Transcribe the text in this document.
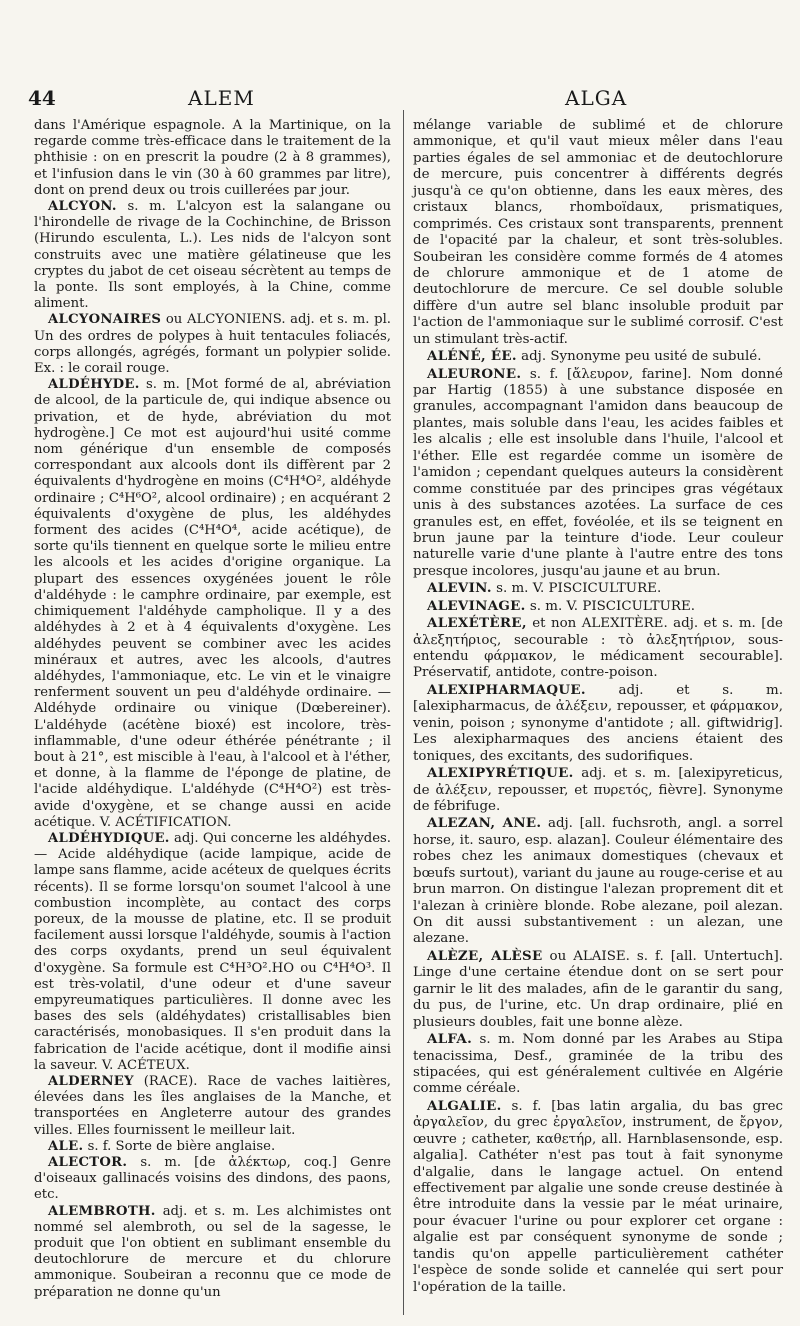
44	ALEM	ALGA

dans l'Amérique espagnole. A la Martinique, on la regarde comme très-efficace dans le traitement de la phthisie : on en prescrit la poudre (2 à 8 grammes), et l'infusion dans le vin (30 à 60 grammes par litre), dont on prend deux ou trois cuillerées par jour.

ALCYON. s. m. L'alcyon est la salangane ou l'hirondelle de rivage de la Cochinchine, de Brisson (Hirundo esculenta, L.). Les nids de l'alcyon sont construits avec une matière gélatineuse que les cryptes du jabot de cet oiseau sécrètent au temps de la ponte. Ils sont employés, à la Chine, comme aliment.

ALCYONAIRES ou ALCYONIENS. adj. et s. m. pl. Un des ordres de polypes à huit tentacules foliacés, corps allongés, agrégés, formant un polypier solide. Ex. : le corail rouge.

ALDÉHYDE. s. m. [Mot formé de al, abréviation de alcool, de la particule de, qui indique absence ou privation, et de hyde, abréviation du mot hydrogène.] Ce mot est aujourd'hui usité comme nom générique d'un ensemble de composés correspondant aux alcools dont ils diffèrent par 2 équivalents d'hydrogène en moins (C⁴H⁴O², aldéhyde ordinaire ; C⁴H⁶O², alcool ordinaire) ; en acquérant 2 équivalents d'oxygène de plus, les aldéhydes forment des acides (C⁴H⁴O⁴, acide acétique), de sorte qu'ils tiennent en quelque sorte le milieu entre les alcools et les acides d'origine organique. La plupart des essences oxygénées jouent le rôle d'aldéhyde : le camphre ordinaire, par exemple, est chimiquement l'aldéhyde campholique. Il y a des aldéhydes à 2 et à 4 équivalents d'oxygène. Les aldéhydes peuvent se combiner avec les acides minéraux et autres, avec les alcools, d'autres aldéhydes, l'ammoniaque, etc. Le vin et le vinaigre renferment souvent un peu d'aldéhyde ordinaire. — Aldéhyde ordinaire ou vinique (Dœbereiner). L'aldéhyde (acétène bioxé) est incolore, très-inflammable, d'une odeur éthérée pénétrante ; il bout à 21°, est miscible à l'eau, à l'alcool et à l'éther, et donne, à la flamme de l'éponge de platine, de l'acide aldéhydique. L'aldéhyde (C⁴H⁴O²) est très-avide d'oxygène, et se change aussi en acide acétique. V. ACÉTIFICATION.

ALDÉHYDIQUE. adj. Qui concerne les aldéhydes. — Acide aldéhydique (acide lampique, acide de lampe sans flamme, acide acéteux de quelques écrits récents). Il se forme lorsqu'on soumet l'alcool à une combustion incomplète, au contact des corps poreux, de la mousse de platine, etc. Il se produit facilement aussi lorsque l'aldéhyde, soumis à l'action des corps oxydants, prend un seul équivalent d'oxygène. Sa formule est C⁴H³O².HO ou C⁴H⁴O³. Il est très-volatil, d'une odeur et d'une saveur empyreumatiques particulières. Il donne avec les bases des sels (aldéhydates) cristallisables bien caractérisés, monobasiques. Il s'en produit dans la fabrication de l'acide acétique, dont il modifie ainsi la saveur. V. ACÉTEUX.

ALDERNEY (RACE). Race de vaches laitières, élevées dans les îles anglaises de la Manche, et transportées en Angleterre autour des grandes villes. Elles fournissent le meilleur lait.

ALE. s. f. Sorte de bière anglaise.

ALECTOR. s. m. [de ἀλέκτωρ, coq.] Genre d'oiseaux gallinacés voisins des dindons, des paons, etc.

ALEMBROTH. adj. et s. m. Les alchimistes ont nommé sel alembroth, ou sel de la sagesse, le produit que l'on obtient en sublimant ensemble du deutochlorure de mercure et du chlorure ammonique. Soubeiran a reconnu que ce mode de préparation ne donne qu'un

mélange variable de sublimé et de chlorure ammonique, et qu'il vaut mieux mêler dans l'eau parties égales de sel ammoniac et de deutochlorure de mercure, puis concentrer à différents degrés jusqu'à ce qu'on obtienne, dans les eaux mères, des cristaux blancs, rhomboïdaux, prismatiques, comprimés. Ces cristaux sont transparents, prennent de l'opacité par la chaleur, et sont très-solubles. Soubeiran les considère comme formés de 4 atomes de chlorure ammonique et de 1 atome de deutochlorure de mercure. Ce sel double soluble diffère d'un autre sel blanc insoluble produit par l'action de l'ammoniaque sur le sublimé corrosif. C'est un stimulant très-actif.

ALÉNÉ, ÉE. adj. Synonyme peu usité de subulé.

ALEURONE. s. f. [ἄλευρον, farine]. Nom donné par Hartig (1855) à une substance disposée en granules, accompagnant l'amidon dans beaucoup de plantes, mais soluble dans l'eau, les acides faibles et les alcalis ; elle est insoluble dans l'huile, l'alcool et l'éther. Elle est regardée comme un isomère de l'amidon ; cependant quelques auteurs la considèrent comme constituée par des principes gras végétaux unis à des substances azotées. La surface de ces granules est, en effet, fovéolée, et ils se teignent en brun jaune par la teinture d'iode. Leur couleur naturelle varie d'une plante à l'autre entre des tons presque incolores, jusqu'au jaune et au brun.

ALEVIN. s. m. V. PISCICULTURE.

ALEVINAGE. s. m. V. PISCICULTURE.

ALEXÉTÈRE, et non ALEXITÈRE. adj. et s. m. [de ἀλεξητήριος, secourable : τὸ ἀλεξητήριον, sous-entendu φάρμακον, le médicament secourable]. Préservatif, antidote, contre-poison.

ALEXIPHARMAQUE. adj. et s. m. [alexipharmacus, de ἀλέξειν, repousser, et φάρμακον, venin, poison ; synonyme d'antidote ; all. giftwidrig]. Les alexipharmaques des anciens étaient des toniques, des excitants, des sudorifiques.

ALEXIPYRÉTIQUE. adj. et s. m. [alexipyreticus, de ἀλέξειν, repousser, et πυρετός, fièvre]. Synonyme de fébrifuge.

ALEZAN, ANE. adj. [all. fuchsroth, angl. a sorrel horse, it. sauro, esp. alazan]. Couleur élémentaire des robes chez les animaux domestiques (chevaux et bœufs surtout), variant du jaune au rouge-cerise et au brun marron. On distingue l'alezan proprement dit et l'alezan à crinière blonde. Robe alezane, poil alezan. On dit aussi substantivement : un alezan, une alezane.

ALÈZE, ALÈSE ou ALAISE. s. f. [all. Untertuch]. Linge d'une certaine étendue dont on se sert pour garnir le lit des malades, afin de le garantir du sang, du pus, de l'urine, etc. Un drap ordinaire, plié en plusieurs doubles, fait une bonne alèze.

ALFA. s. m. Nom donné par les Arabes au Stipa tenacissima, Desf., graminée de la tribu des stipacées, qui est généralement cultivée en Algérie comme céréale.

ALGALIE. s. f. [bas latin argalia, du bas grec ἀργαλεῖον, du grec ἐργαλεῖον, instrument, de ἔργον, œuvre ; catheter, καθετήρ, all. Harnblasensonde, esp. algalia]. Cathéter n'est pas tout à fait synonyme d'algalie, dans le langage actuel. On entend effectivement par algalie une sonde creuse destinée à être introduite dans la vessie par le méat urinaire, pour évacuer l'urine ou pour explorer cet organe : algalie est par conséquent synonyme de sonde ; tandis qu'on appelle particulièrement cathéter l'espèce de sonde solide et cannelée qui sert pour l'opération de la taille.
